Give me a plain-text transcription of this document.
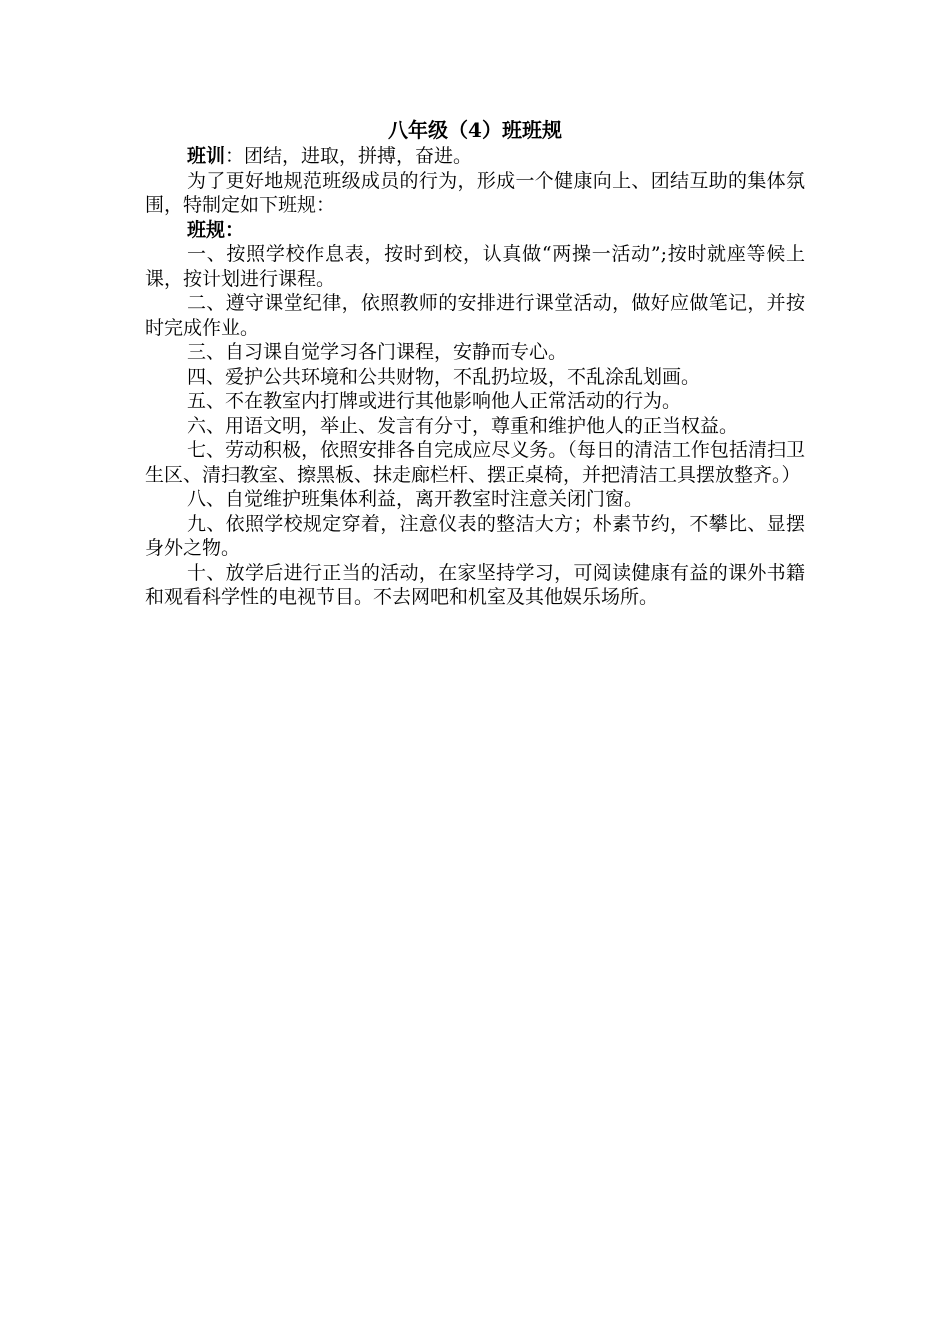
八年级（4）班班规

班训：团结，进取，拼搏，奋进。

为了更好地规范班级成员的行为，形成一个健康向上、团结互助的集体氛围，特制定如下班规：

班规：

一、按照学校作息表，按时到校，认真做“两操一活动”;按时就座等候上课，按计划进行课程。

二、遵守课堂纪律，依照教师的安排进行课堂活动，做好应做笔记，并按时完成作业。

三、自习课自觉学习各门课程，安静而专心。

四、爱护公共环境和公共财物，不乱扔垃圾，不乱涂乱划画。

五、不在教室内打牌或进行其他影响他人正常活动的行为。

六、用语文明，举止、发言有分寸，尊重和维护他人的正当权益。

七、劳动积极，依照安排各自完成应尽义务。（每日的清洁工作包括清扫卫生区、清扫教室、擦黑板、抹走廊栏杆、摆正桌椅，并把清洁工具摆放整齐。）

八、自觉维护班集体利益，离开教室时注意关闭门窗。

九、依照学校规定穿着，注意仪表的整洁大方；朴素节约，不攀比、显摆身外之物。

十、放学后进行正当的活动，在家坚持学习，可阅读健康有益的课外书籍和观看科学性的电视节目。不去网吧和机室及其他娱乐场所。
